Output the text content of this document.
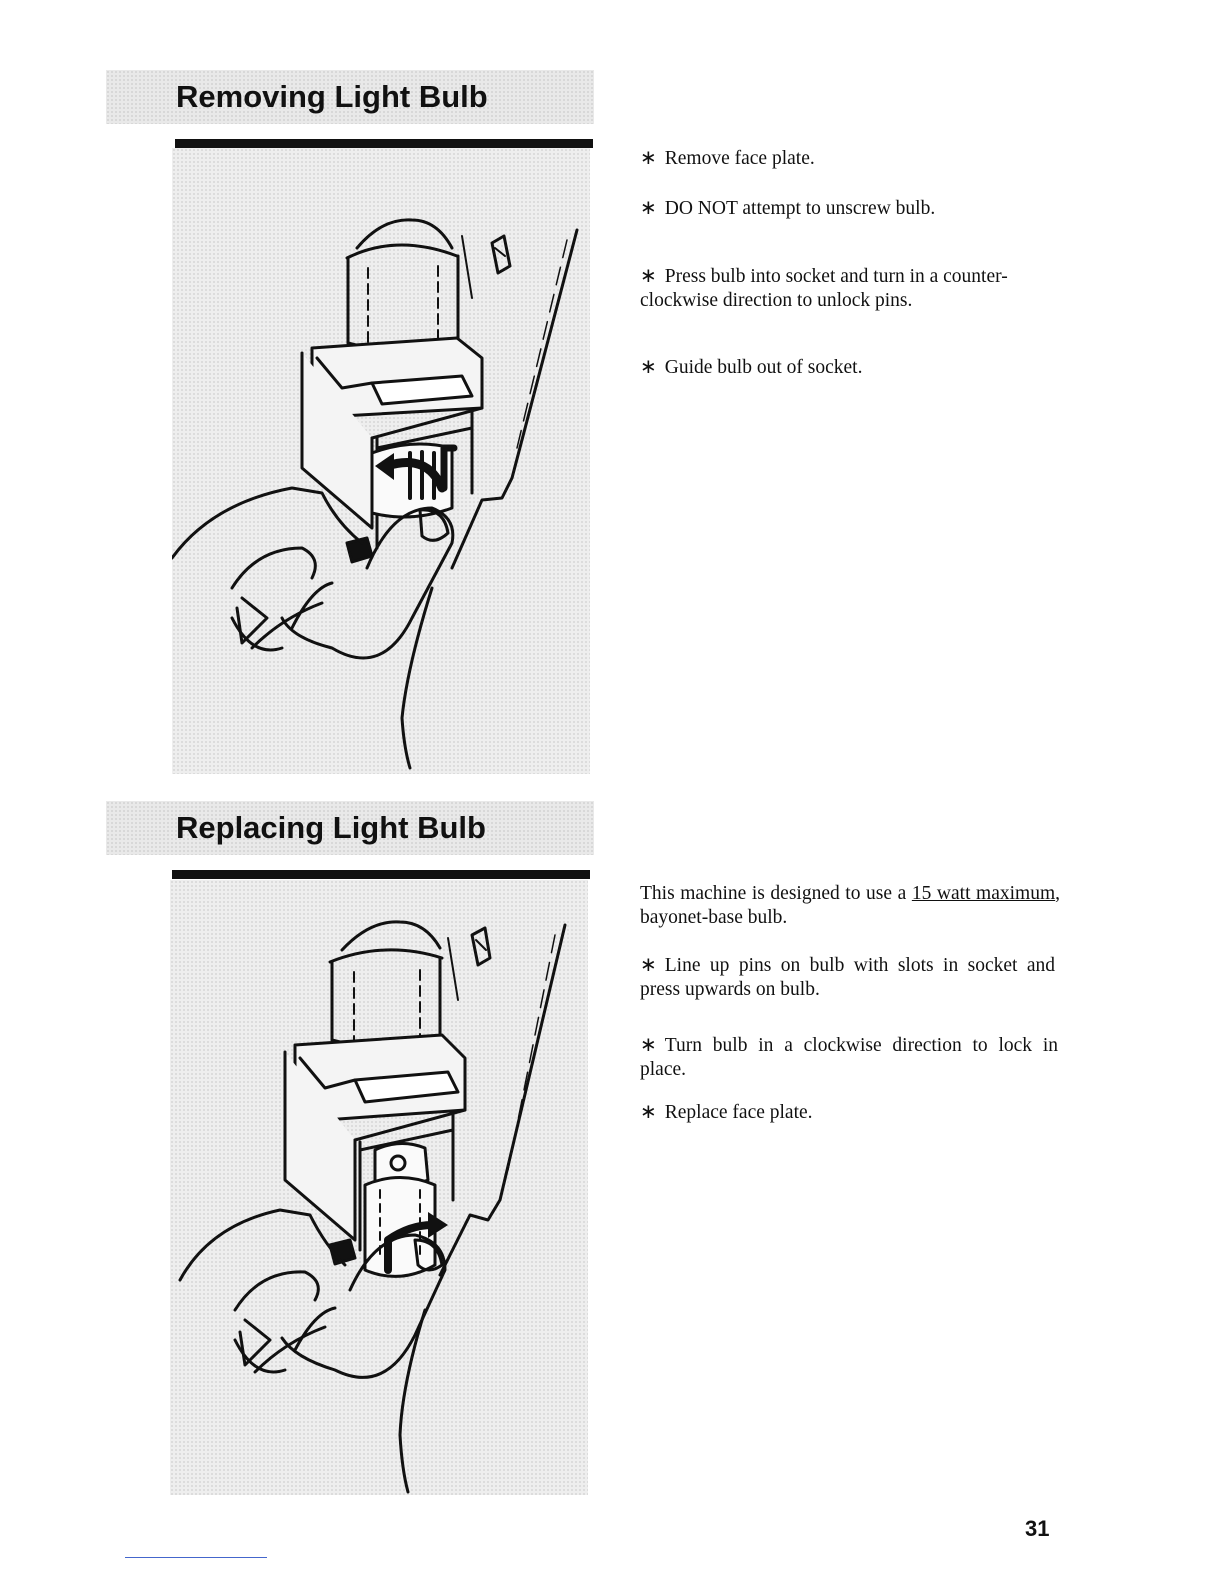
Removing Light Bulb

∗ Remove face plate.

∗ DO NOT attempt to unscrew bulb.

∗ Press bulb into socket and turn in a counter-clockwise direction to unlock pins.

∗ Guide bulb out of socket.

Replacing Light Bulb

This machine is designed to use a 15 watt maximum, bayonet-base bulb.

∗ Line up pins on bulb with slots in socket and press upwards on bulb.

∗ Turn bulb in a clockwise direction to lock in place.

∗ Replace face plate.

31
